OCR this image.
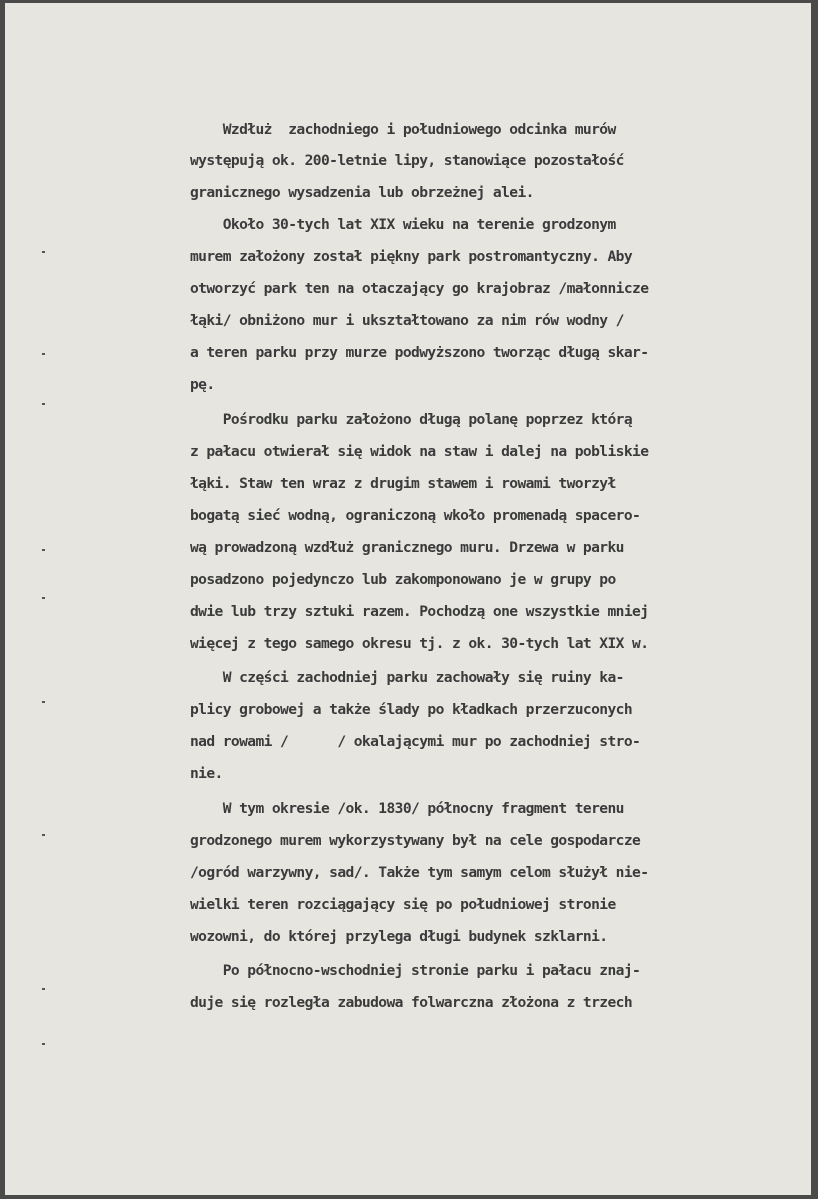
Wzdłuż  zachodniego i południowego odcinka murów
występują ok. 200-letnie lipy, stanowiące pozostałość
granicznego wysadzenia lub obrzeżnej alei.
Około 30-tych lat XIX wieku na terenie grodzonym
murem założony został piękny park postromantyczny. Aby
otworzyć park ten na otaczający go krajobraz /małonnicze
łąki/ obniżono mur i ukształtowano za nim rów wodny /
a teren parku przy murze podwyższono tworząc długą skar-
pę.
Pośrodku parku założono długą polanę poprzez którą
z pałacu otwierał się widok na staw i dalej na pobliskie
łąki. Staw ten wraz z drugim stawem i rowami tworzył
bogatą sieć wodną, ograniczoną wkoło promenadą spacero-
wą prowadzoną wzdłuż granicznego muru. Drzewa w parku
posadzono pojedynczo lub zakomponowano je w grupy po
dwie lub trzy sztuki razem. Pochodzą one wszystkie mniej
więcej z tego samego okresu tj. z ok. 30-tych lat XIX w.
W części zachodniej parku zachowały się ruiny ka-
plicy grobowej a także ślady po kładkach przerzuconych
nad rowami /      / okalającymi mur po zachodniej stro-
nie.
W tym okresie /ok. 1830/ północny fragment terenu
grodzonego murem wykorzystywany był na cele gospodarcze
/ogród warzywny, sad/. Także tym samym celom służył nie-
wielki teren rozciągający się po południowej stronie
wozowni, do której przylega długi budynek szklarni.
Po północno-wschodniej stronie parku i pałacu znaj-
duje się rozległa zabudowa folwarczna złożona z trzech
